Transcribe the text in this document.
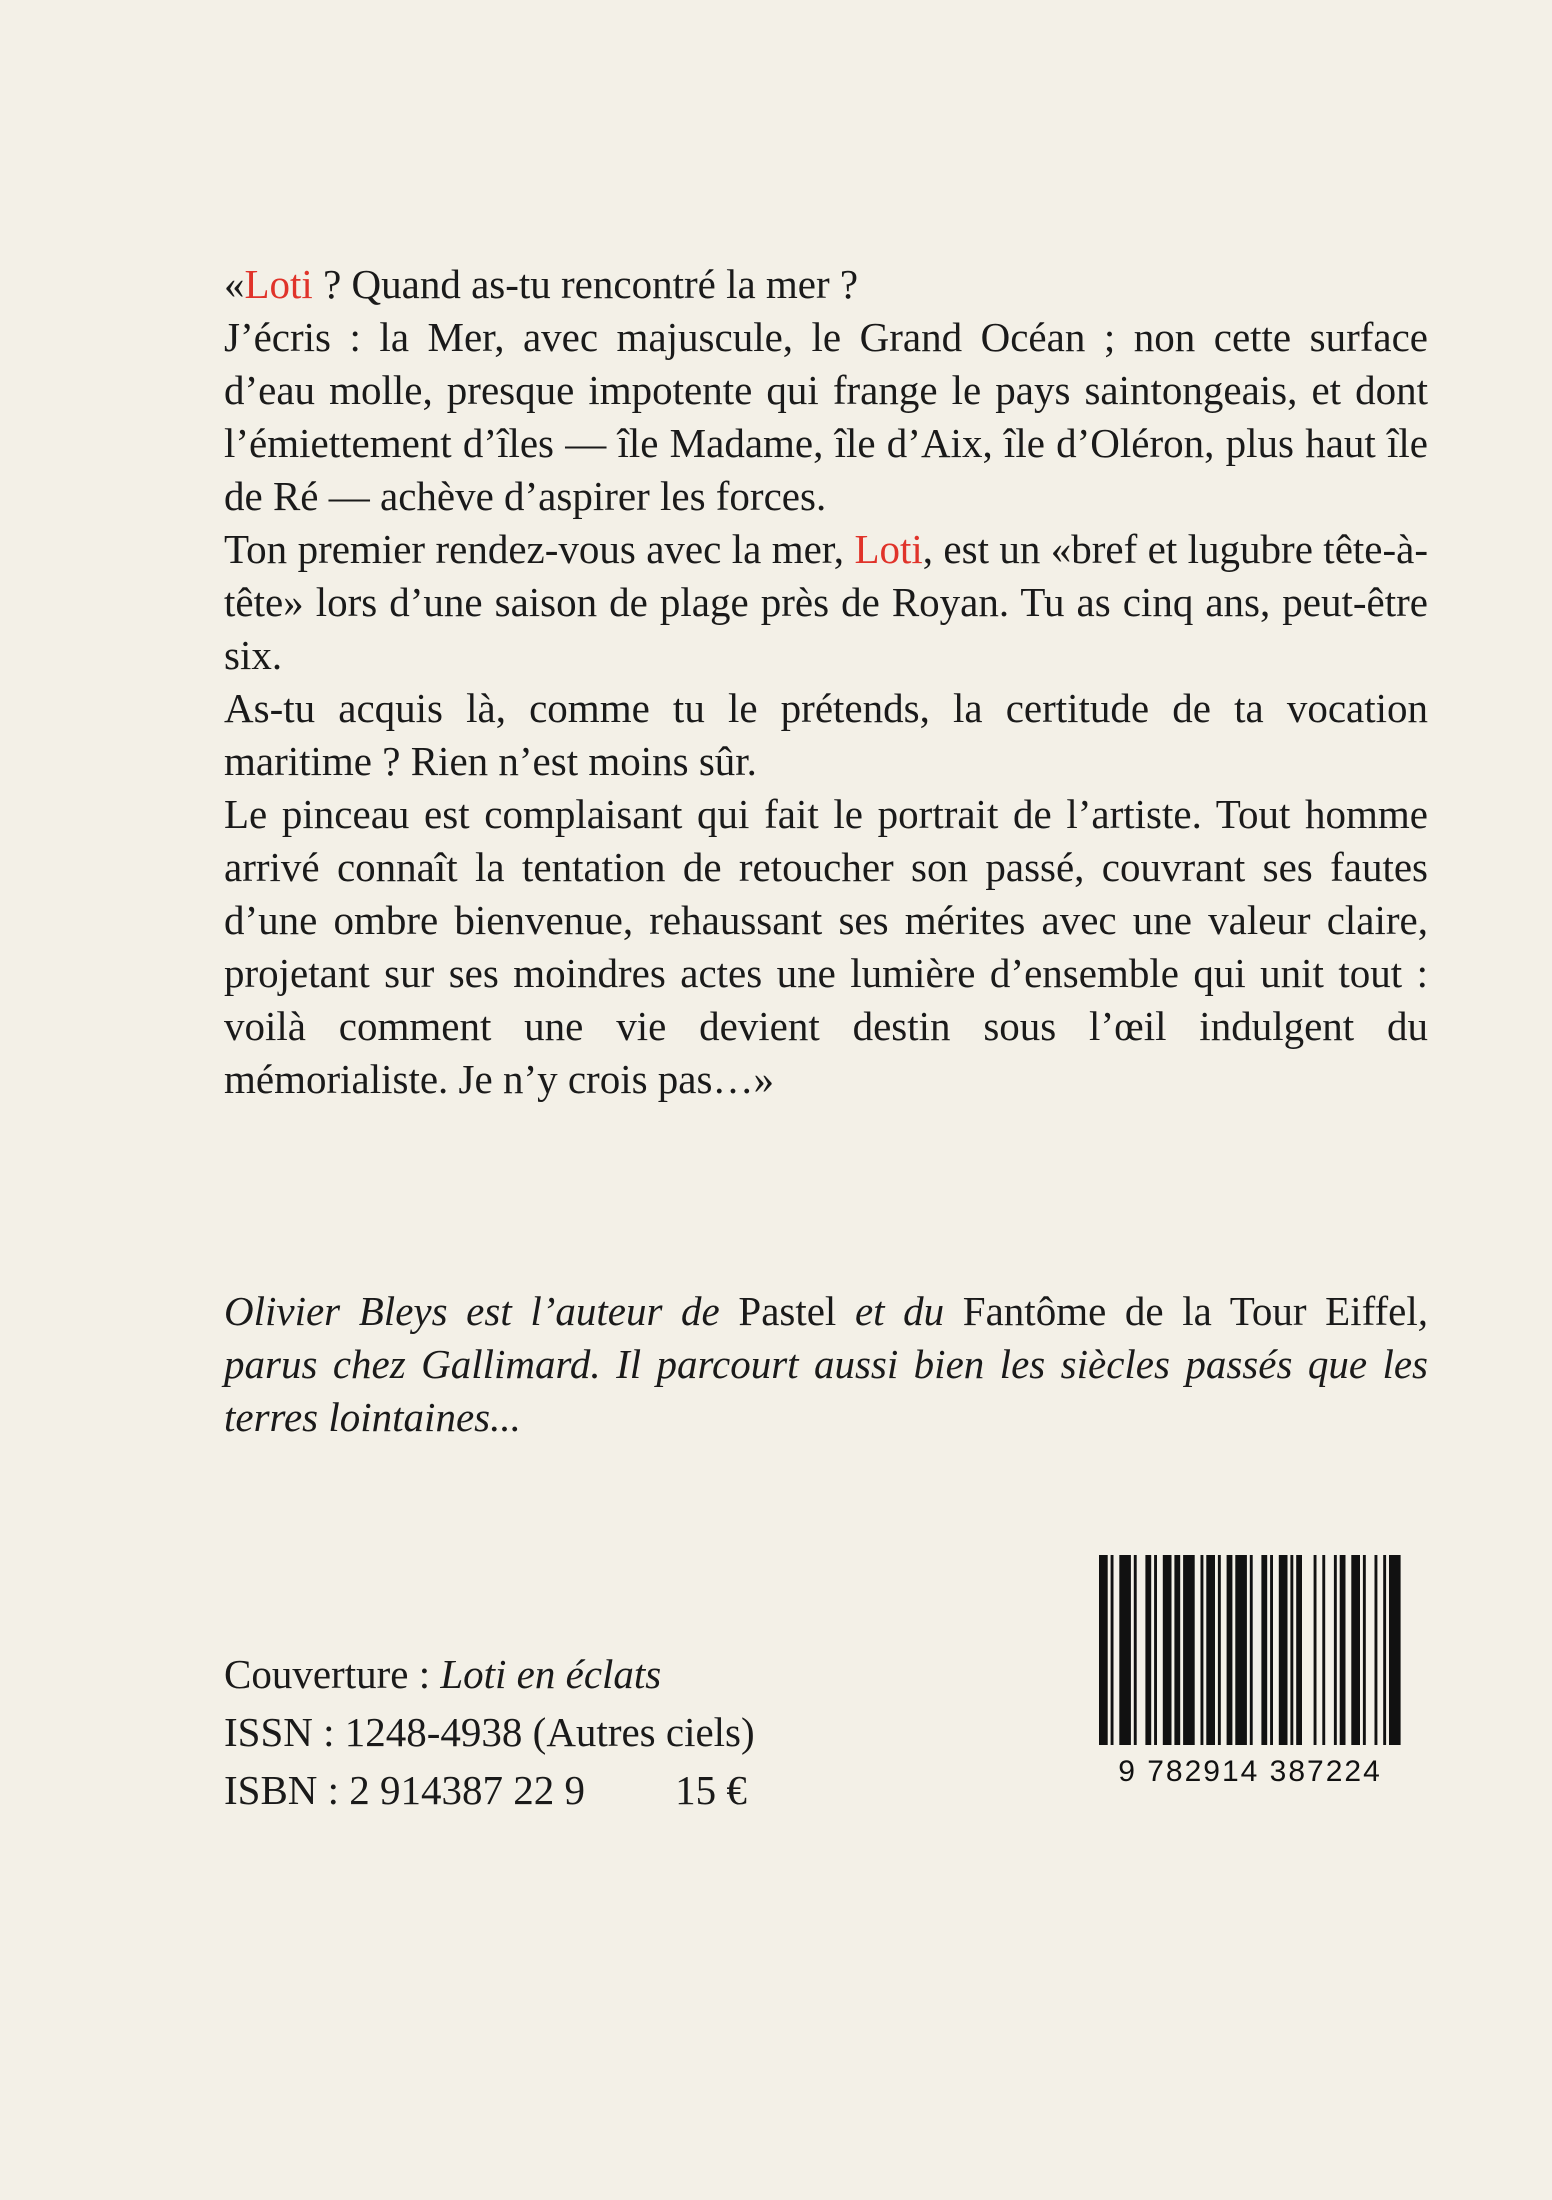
«Loti ? Quand as-tu rencontré la mer ?

J’écris : la Mer, avec majuscule, le Grand Océan ; non cette surface d’eau molle, presque impotente qui frange le pays saintongeais, et dont l’émiettement d’îles — île Madame, île d’Aix, île d’Oléron, plus haut île de Ré — achève d’aspirer les forces.

Ton premier rendez-vous avec la mer, Loti, est un «bref et lugubre tête-à-tête» lors d’une saison de plage près de Royan. Tu as cinq ans, peut-être six.

As-tu acquis là, comme tu le prétends, la certitude de ta vocation maritime ? Rien n’est moins sûr.

Le pinceau est complaisant qui fait le portrait de l’artiste. Tout homme arrivé connaît la tentation de retoucher son passé, couvrant ses fautes d’une ombre bienvenue, rehaussant ses mérites avec une valeur claire, projetant sur ses moindres actes une lumière d’ensemble qui unit tout : voilà comment une vie devient destin sous l’œil indulgent du mémorialiste. Je n’y crois pas…»

Olivier Bleys est l’auteur de Pastel et du Fantôme de la Tour Eiffel, parus chez Gallimard. Il parcourt aussi bien les siècles passés que les terres lointaines...

Couverture : Loti en éclats
ISSN : 1248-4938 (Autres ciels)
ISBN : 2 914387 22 9 15 €	9 782914 387224
